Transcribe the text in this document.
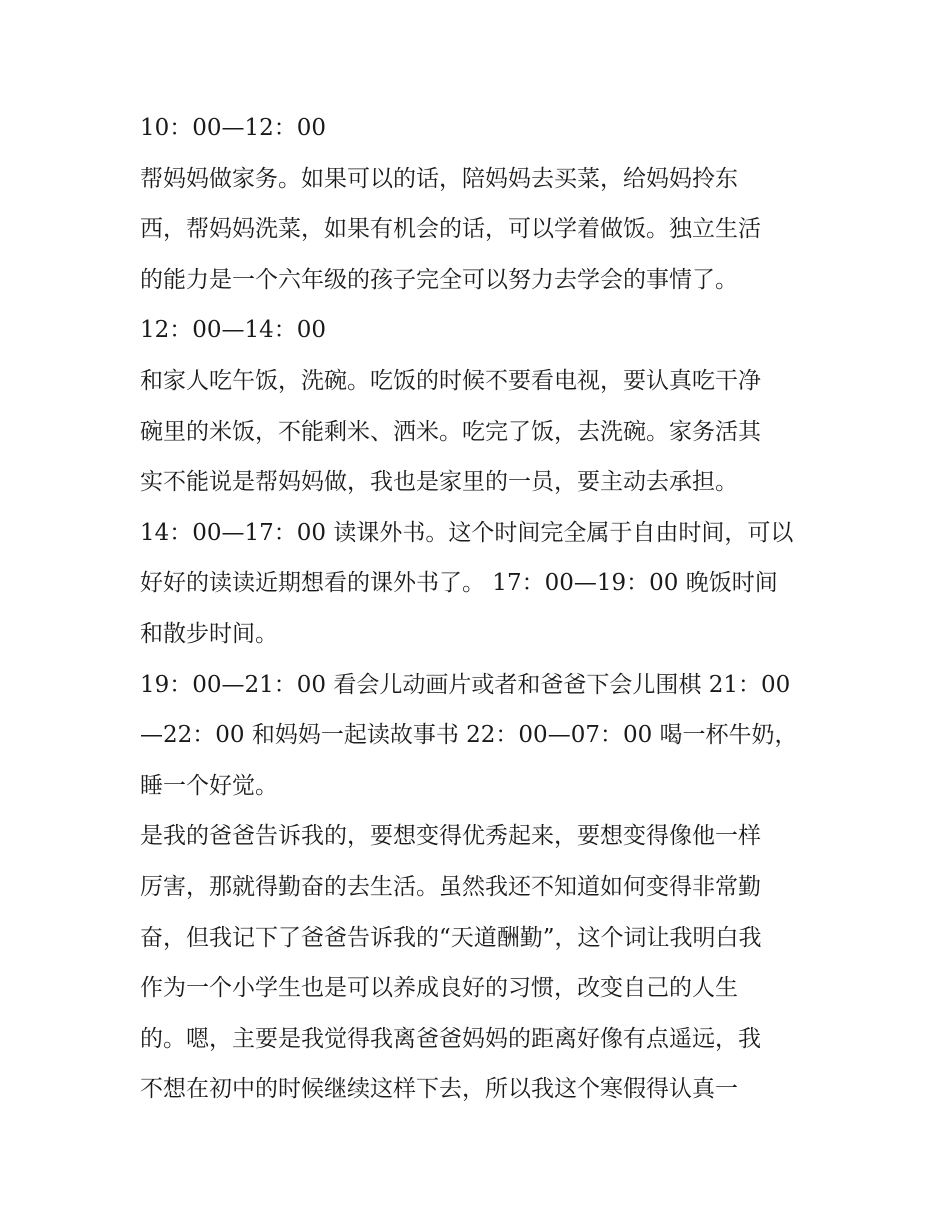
10：00—12：00
帮妈妈做家务。如果可以的话，陪妈妈去买菜，给妈妈拎东
西，帮妈妈洗菜，如果有机会的话，可以学着做饭。独立生活
的能力是一个六年级的孩子完全可以努力去学会的事情了。
12：00—14：00
和家人吃午饭，洗碗。吃饭的时候不要看电视，要认真吃干净
碗里的米饭，不能剩米、洒米。吃完了饭，去洗碗。家务活其
实不能说是帮妈妈做，我也是家里的一员，要主动去承担。
14：00—17：00 读课外书。这个时间完全属于自由时间，可以
好好的读读近期想看的课外书了。 17：00—19：00 晚饭时间
和散步时间。
19：00—21：00 看会儿动画片或者和爸爸下会儿围棋 21：00
—22：00 和妈妈一起读故事书 22：00—07：00 喝一杯牛奶，
睡一个好觉。
是我的爸爸告诉我的，要想变得优秀起来，要想变得像他一样
厉害，那就得勤奋的去生活。虽然我还不知道如何变得非常勤
奋，但我记下了爸爸告诉我的“天道酬勤”，这个词让我明白我
作为一个小学生也是可以养成良好的习惯，改变自己的人生
的。嗯，主要是我觉得我离爸爸妈妈的距离好像有点遥远，我
不想在初中的时候继续这样下去，所以我这个寒假得认真一
